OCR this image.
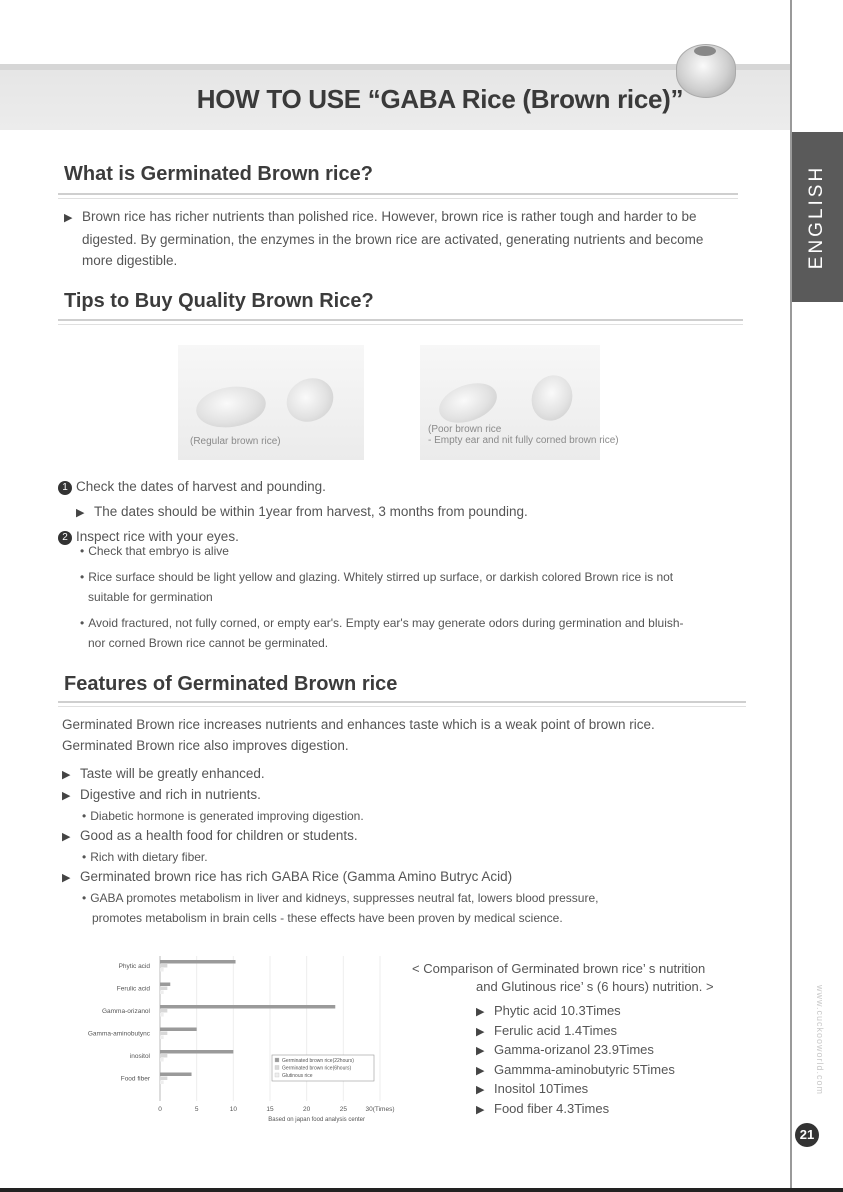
HOW TO USE “GABA Rice (Brown rice)”
ENGLISH
www.cuckooworld.com
21
What is Germinated Brown rice?
▶ Brown rice has richer nutrients than polished rice. However, brown rice is rather tough and harder to be
digested. By germination, the enzymes in the brown rice are activated, generating nutrients and become
more digestible.
Tips to Buy Quality Brown Rice?
(Regular brown rice)
(Poor brown rice
- Empty ear and nit fully corned brown rice)
1 Check the dates of harvest and pounding.
▶ The dates should be within 1year from harvest, 3 months from pounding.
2 Inspect rice with your eyes.
• Check that embryo is alive
• Rice surface should be light yellow and glazing. Whitely stirred up surface, or darkish colored Brown rice is not
suitable for germination
• Avoid fractured, not fully corned, or empty ear's. Empty ear's may generate odors during germination and bluish-
nor corned Brown rice cannot be germinated.
Features of Germinated Brown rice
Germinated Brown rice increases nutrients and enhances taste which is a weak point of brown rice.
Germinated Brown rice also improves digestion.
▶ Taste will be greatly enhanced.
▶ Digestive and rich in nutrients.
• Diabetic hormone is generated improving digestion.
▶ Good as a health food for children or students.
• Rich with dietary fiber.
▶ Germinated brown rice has rich GABA Rice (Gamma Amino Butryc Acid)
• GABA promotes metabolism in liver and kidneys, suppresses neutral fat, lowers blood pressure,
promotes metabolism in brain cells - these effects have been proven by medical science.
Phytic acid
Ferulic acid
Gamma-orizanol
Gamma-aminobutync
inositol
Food fiber
0	5	10	15	20	25	30(Times)
Based on japan food analysis center
Germinated brown rice(22hours)
Germinated brown rice(6hours)
Glutinous rice
< Comparison of Germinated brown rice’ s nutrition
and Glutinous rice’ s (6 hours) nutrition. >
▶ Phytic acid 10.3Times
▶ Ferulic acid 1.4Times
▶ Gamma-orizanol 23.9Times
▶ Gammma-aminobutyric 5Times
▶ Inositol 10Times
▶ Food fiber 4.3Times
